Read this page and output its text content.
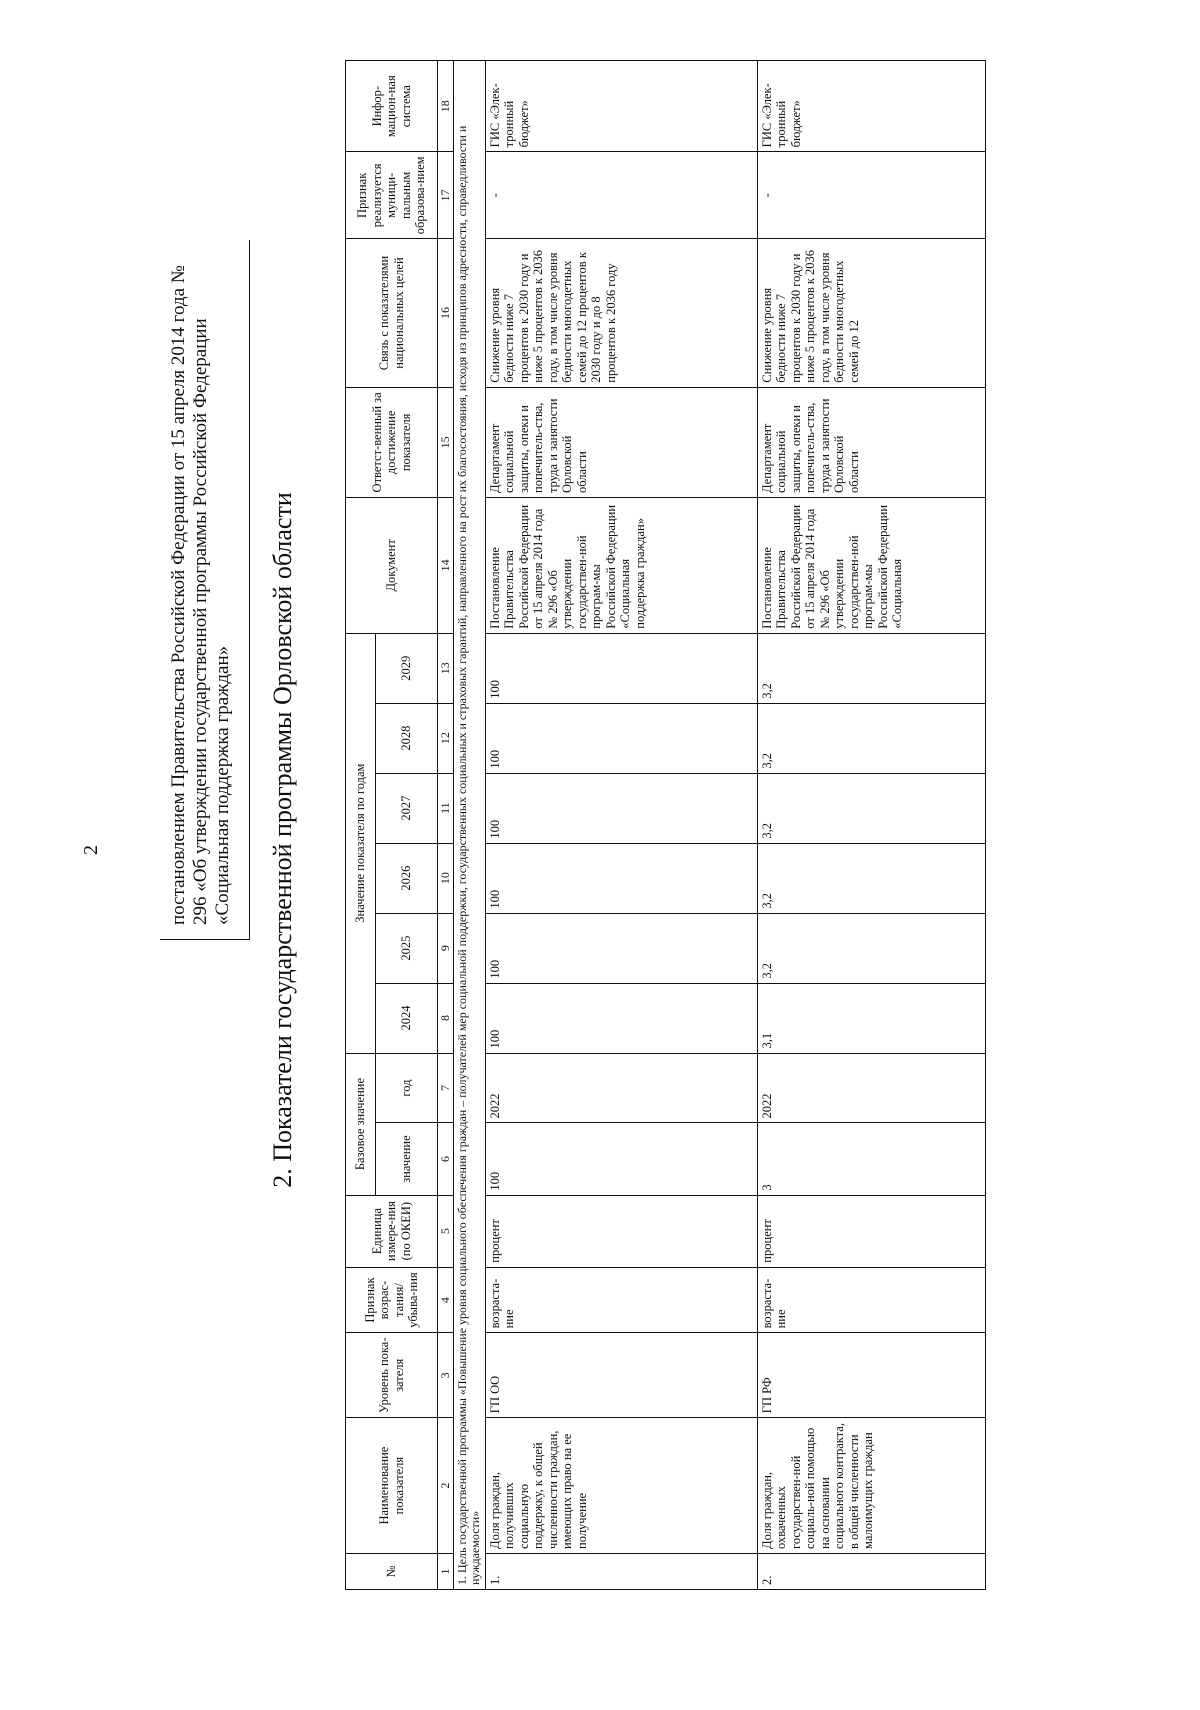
2	постановлением Правительства Российской Федерации от 15 апреля 2014 года № 296 «Об утверждении государственной программы Российской Федерации «Социальная поддержка граждан»	2. Показатели государственной программы Орловской области
№	Наименование показателя	Уровень пока-зателя	Признак возрас-тания/ убыва-ния	Единица измере-ния (по ОКЕИ)	Базовое значение		Значение показателя по годам						Документ	Ответст-венный за достижение показателя	Связь с показателями национальных целей	Признак реализуется муници-пальным образова-нием	Инфор-мацион-ная система
					значение	год	2024	2025	2026	2027	2028	2029					
1	2	3	4	5	6	7	8	9	10	11	12	13	14	15	16	17	18
1. Цель государственной программы «Повышение уровня социального обеспечения граждан – получателей мер социальной поддержки, государственных социальных и страховых гарантий, направленного на рост их благосостояния, исходя из принципов адресности, справедливости и нуждаемости»																	
1.	Доля граждан, получивших социальную поддержку, к общей численности граждан, имеющих право на ее получение	ГП ОО	возраста-ние	процент	100	2022	100	100	100	100	100	100	Постановление Правительства Российской Федерации от 15 апреля 2014 года № 296 «Об утверждении государствен-ной програм-мы Российской Федерации «Социальная поддержка граждан»	Департамент социальной защиты, опеки и попечитель-ства, труда и занятости Орловской области	Снижение уровня бедности ниже 7 процентов к 2030 году и ниже 5 процентов к 2036 году, в том числе уровня бедности многодетных семей до 12 процентов к 2030 году и до 8 процентов к 2036 году	-	ГИС «Элек-тронный бюджет»
2.	Доля граждан, охваченных государствен-ной социаль-ной помощью на основании социального контракта, в общей численности малоимущих граждан	ГП РФ	возраста-ние	процент	3	2022	3,1	3,2	3,2	3,2	3,2	3,2	Постановление Правительства Российской Федерации от 15 апреля 2014 года № 296 «Об утверждении государствен-ной програм-мы Российской Федерации «Социальная	Департамент социальной защиты, опеки и попечитель-ства, труда и занятости Орловской области	Снижение уровня бедности ниже 7 процентов к 2030 году и ниже 5 процентов к 2036 году, в том числе уровня бедности многодетных семей до 12	-	ГИС «Элек-тронный бюджет»
